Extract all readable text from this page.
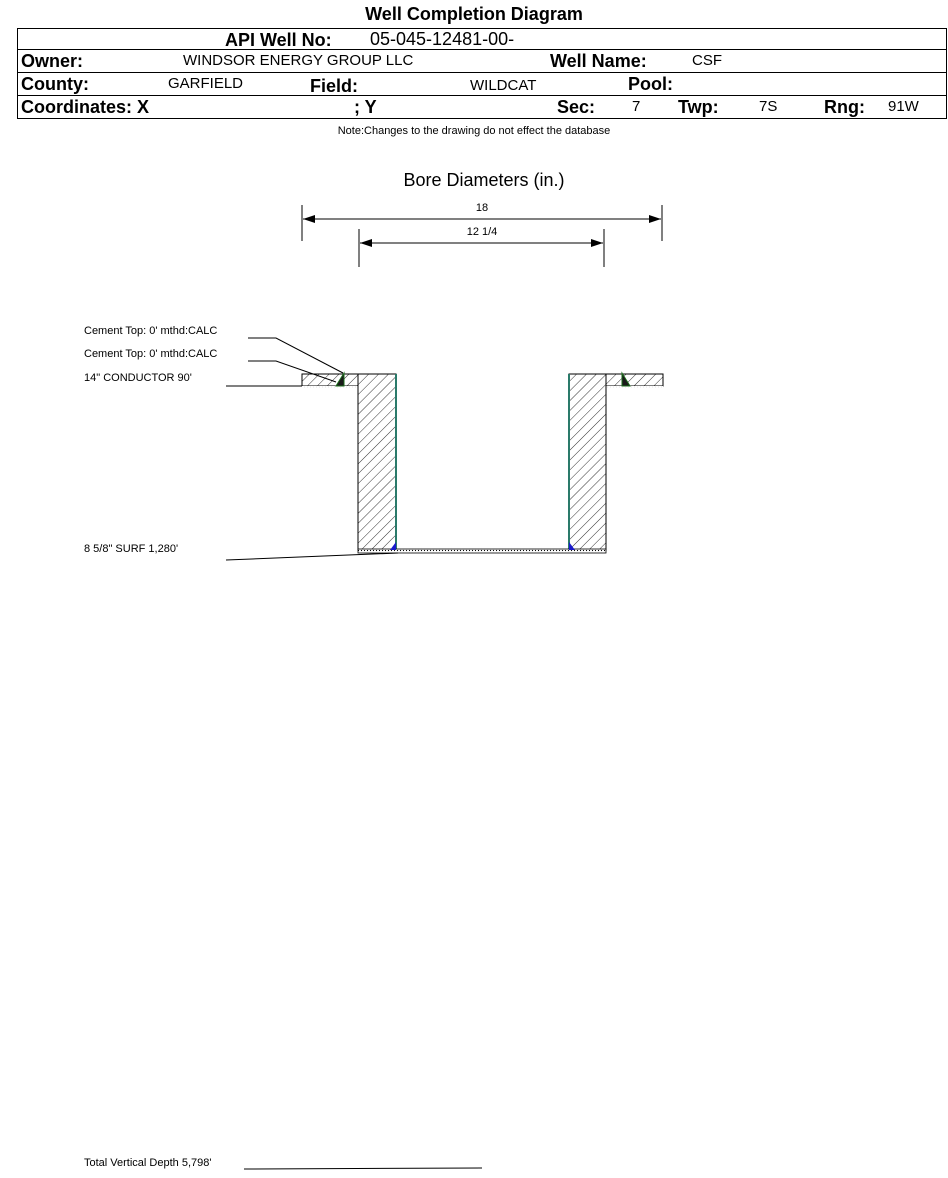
Well Completion Diagram
API Well No: 05-045-12481-00-
Owner:	WINDSOR ENERGY GROUP LLC	Well Name:	CSF
County:	GARFIELD	Field:	WILDCAT	Pool:
Coordinates: X	; Y	Sec: 7 Twp:	7S	Rng: 91W
Note:Changes to the drawing do not effect the database
Bore Diameters (in.)
18
12 1/4
Cement Top: 0' mthd:CALC
Cement Top: 0' mthd:CALC
14" CONDUCTOR 90'
8 5/8" SURF 1,280'
Total Vertical Depth 5,798'
